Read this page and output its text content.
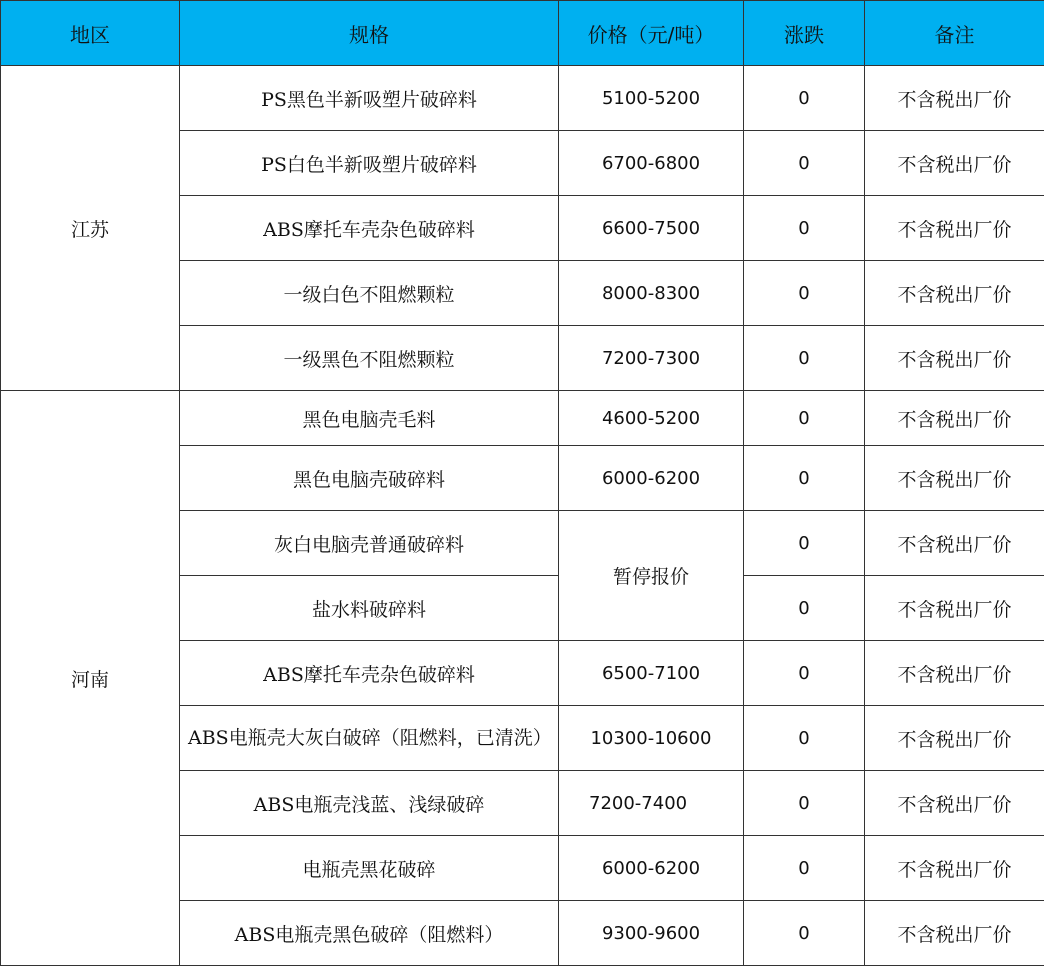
地区	规格	价格（元/吨）	涨跌	备注
江苏	PS黑色半新吸塑片破碎料	5100-5200	0	不含税出厂价
	PS白色半新吸塑片破碎料	6700-6800	0	不含税出厂价
	ABS摩托车壳杂色破碎料	6600-7500	0	不含税出厂价
	一级白色不阻燃颗粒	8000-8300	0	不含税出厂价
	一级黑色不阻燃颗粒	7200-7300	0	不含税出厂价
河南	黑色电脑壳毛料	4600-5200	0	不含税出厂价
	黑色电脑壳破碎料	6000-6200	0	不含税出厂价
	灰白电脑壳普通破碎料	暂停报价	0	不含税出厂价
	盐水料破碎料		0	不含税出厂价
	ABS摩托车壳杂色破碎料	6500-7100	0	不含税出厂价
	ABS电瓶壳大灰白破碎（阻燃料，已清洗）	10300-10600	0	不含税出厂价
	ABS电瓶壳浅蓝、浅绿破碎	7200-7400	0	不含税出厂价
	电瓶壳黑花破碎	6000-6200	0	不含税出厂价
	ABS电瓶壳黑色破碎（阻燃料）	9300-9600	0	不含税出厂价
